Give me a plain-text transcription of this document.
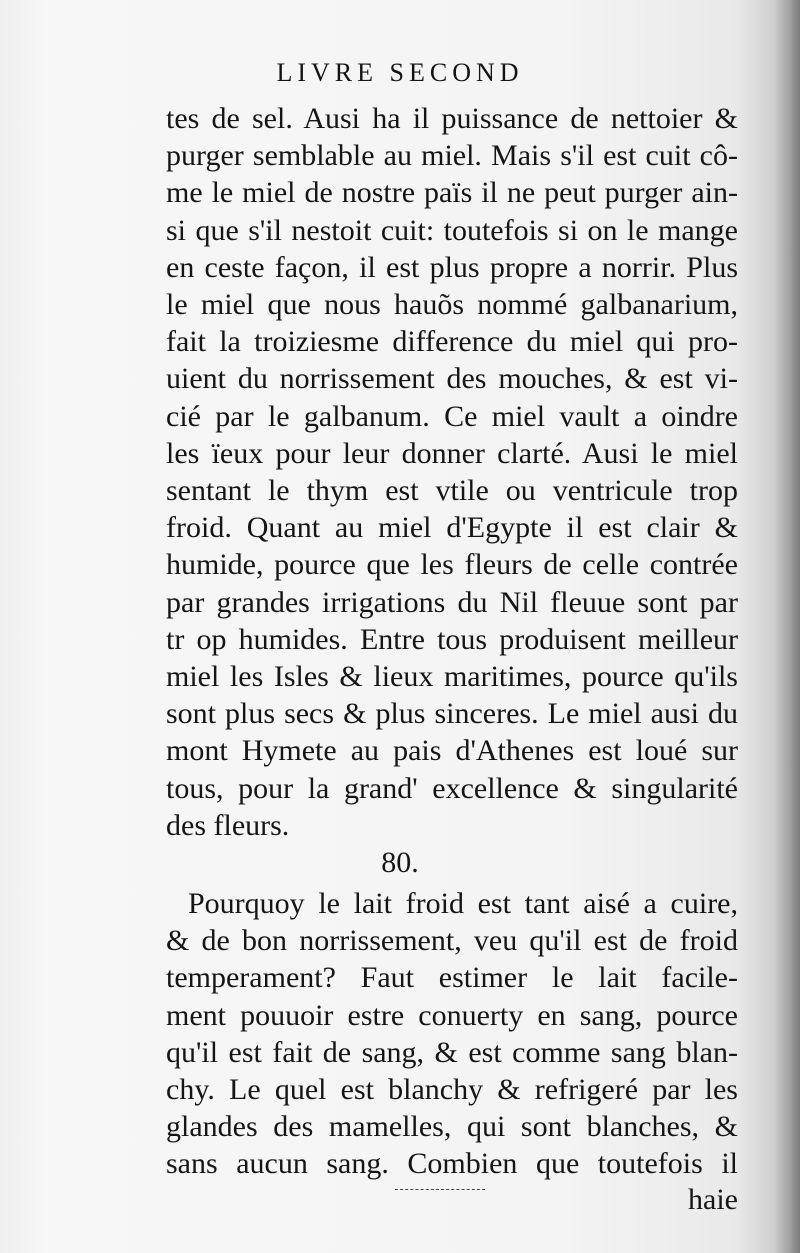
LIVRE SECOND
tes de sel. Ausi ha il puissance de nettoier &
purger semblable au miel. Mais s'il est cuit cô-
me le miel de nostre païs il ne peut purger ain-
si que s'il nestoit cuit: toutefois si on le mange
en ceste façon, il est plus propre a norrir. Plus
le miel que nous hauõs nommé galbanarium,
fait la troiziesme difference du miel qui pro-
uient du norrissement des mouches, & est vi-
cié par le galbanum. Ce miel vault a oindre
les ïeux pour leur donner clarté. Ausi le miel
sentant le thym est vtile ou ventricule trop
froid. Quant au miel d'Egypte il est clair &
humide, pource que les fleurs de celle contrée
par grandes irrigations du Nil fleuue sont par
tr op humides. Entre tous produisent meilleur
miel les Isles & lieux maritimes, pource qu'ils
sont plus secs & plus sinceres. Le miel ausi du
mont Hymete au pais d'Athenes est loué sur
tous, pour la grand' excellence & singularité
des fleurs.
80.
Pourquoy le lait froid est tant aisé a cuire,
& de bon norrissement, veu qu'il est de froid
temperament? Faut estimer le lait facile-
ment pouuoir estre conuerty en sang, pource
qu'il est fait de sang, & est comme sang blan-
chy. Le quel est blanchy & refrigeré par les
glandes des mamelles, qui sont blanches, &
sans aucun sang. Combien que toutefois il
haie
